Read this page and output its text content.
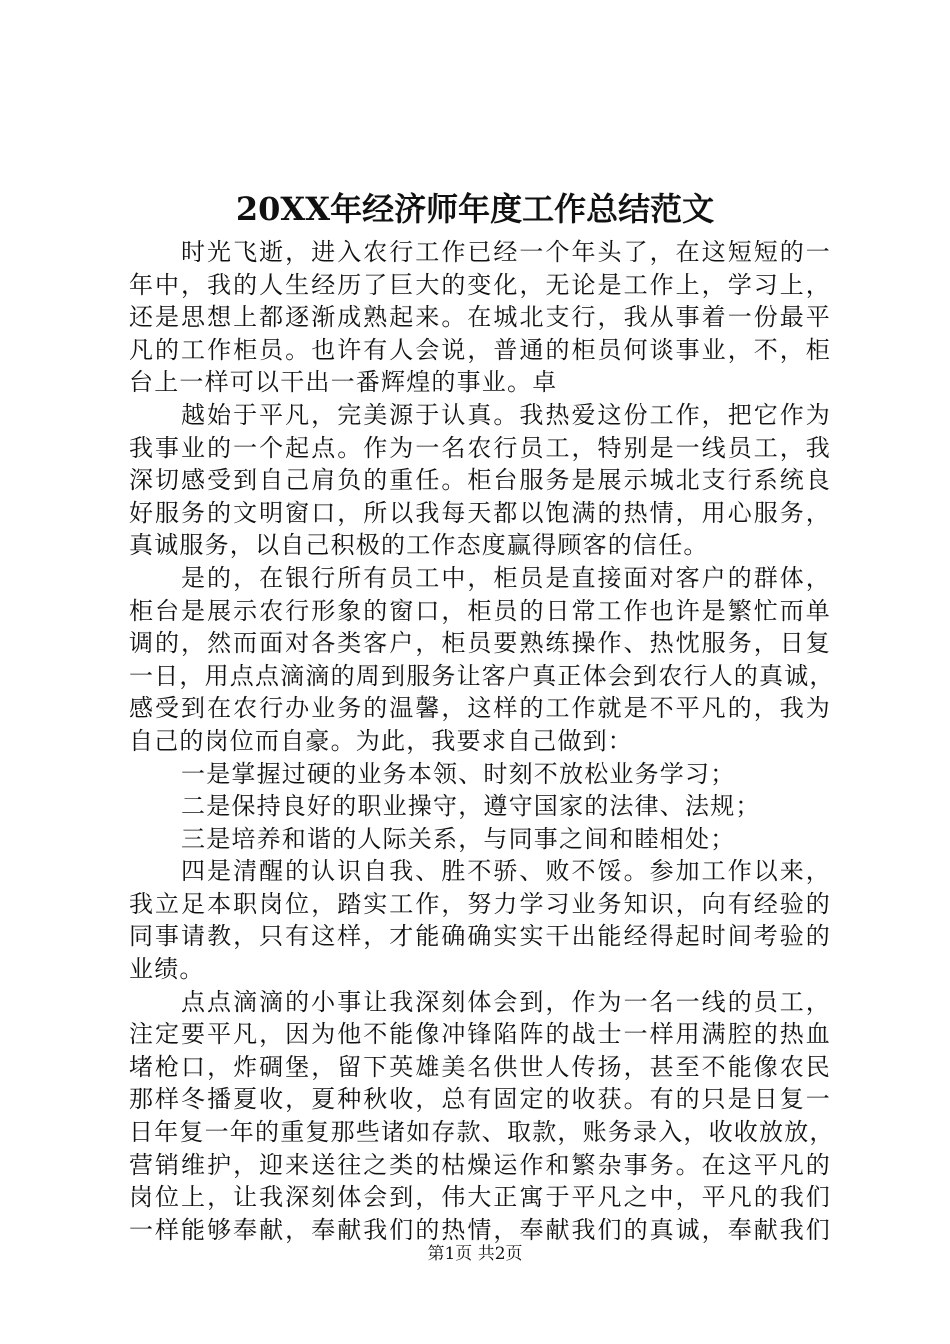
20XX年经济师年度工作总结范文
时光飞逝，进入农行工作已经一个年头了，在这短短的一
年中，我的人生经历了巨大的变化，无论是工作上，学习上，
还是思想上都逐渐成熟起来。在城北支行，我从事着一份最平
凡的工作柜员。也许有人会说，普通的柜员何谈事业，不，柜
台上一样可以干出一番辉煌的事业。卓
越始于平凡，完美源于认真。我热爱这份工作，把它作为
我事业的一个起点。作为一名农行员工，特别是一线员工，我
深切感受到自己肩负的重任。柜台服务是展示城北支行系统良
好服务的文明窗口，所以我每天都以饱满的热情，用心服务，
真诚服务，以自己积极的工作态度赢得顾客的信任。
是的，在银行所有员工中，柜员是直接面对客户的群体，
柜台是展示农行形象的窗口，柜员的日常工作也许是繁忙而单
调的，然而面对各类客户，柜员要熟练操作、热忱服务，日复
一日，用点点滴滴的周到服务让客户真正体会到农行人的真诚，
感受到在农行办业务的温馨，这样的工作就是不平凡的，我为
自己的岗位而自豪。为此，我要求自己做到：
一是掌握过硬的业务本领、时刻不放松业务学习；
二是保持良好的职业操守，遵守国家的法律、法规；
三是培养和谐的人际关系，与同事之间和睦相处；
四是清醒的认识自我、胜不骄、败不馁。参加工作以来，
我立足本职岗位，踏实工作，努力学习业务知识，向有经验的
同事请教，只有这样，才能确确实实干出能经得起时间考验的
业绩。
点点滴滴的小事让我深刻体会到，作为一名一线的员工，
注定要平凡，因为他不能像冲锋陷阵的战士一样用满腔的热血
堵枪口，炸碉堡，留下英雄美名供世人传扬，甚至不能像农民
那样冬播夏收，夏种秋收，总有固定的收获。有的只是日复一
日年复一年的重复那些诸如存款、取款，账务录入，收收放放，
营销维护，迎来送往之类的枯燥运作和繁杂事务。在这平凡的
岗位上，让我深刻体会到，伟大正寓于平凡之中，平凡的我们
一样能够奉献，奉献我们的热情，奉献我们的真诚，奉献我们
第1页 共2页
